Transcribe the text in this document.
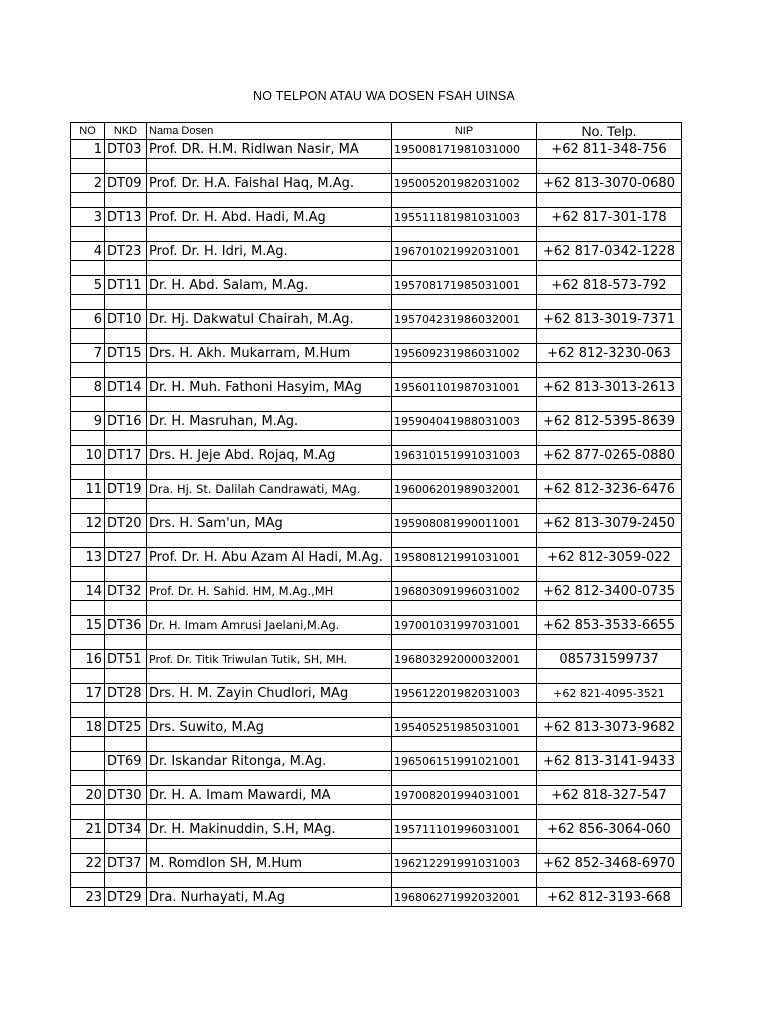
NO TELPON ATAU WA DOSEN FSAH UINSA
NO	NKD	Nama Dosen	NIP	No. Telp.
1	DT03	Prof. DR. H.M. Ridlwan Nasir, MA	195008171981031000	+62 811-348-756

2	DT09	Prof. Dr. H.A. Faishal Haq, M.Ag.	195005201982031002	+62 813-3070-0680

3	DT13	Prof. Dr. H. Abd. Hadi, M.Ag	195511181981031003	+62 817-301-178

4	DT23	Prof. Dr. H. Idri, M.Ag.	196701021992031001	+62 817-0342-1228

5	DT11	Dr. H. Abd. Salam, M.Ag.	195708171985031001	+62 818-573-792

6	DT10	Dr. Hj. Dakwatul Chairah, M.Ag.	195704231986032001	+62 813-3019-7371

7	DT15	Drs. H. Akh. Mukarram, M.Hum	195609231986031002	+62 812-3230-063

8	DT14	Dr. H. Muh. Fathoni Hasyim, MAg	195601101987031001	+62 813-3013-2613

9	DT16	Dr. H. Masruhan, M.Ag.	195904041988031003	+62 812-5395-8639

10	DT17	Drs. H. Jeje Abd. Rojaq, M.Ag	196310151991031003	+62 877-0265-0880

11	DT19	Dra. Hj. St. Dalilah Candrawati, MAg.	196006201989032001	+62 812-3236-6476

12	DT20	Drs. H. Sam'un, MAg	195908081990011001	+62 813-3079-2450

13	DT27	Prof. Dr. H. Abu Azam Al Hadi, M.Ag.	195808121991031001	+62 812-3059-022

14	DT32	Prof. Dr. H. Sahid. HM, M.Ag.,MH	196803091996031002	+62 812-3400-0735

15	DT36	Dr. H. Imam Amrusi Jaelani,M.Ag.	197001031997031001	+62 853-3533-6655

16	DT51	Prof. Dr. Titik Triwulan Tutik, SH, MH.	196803292000032001	085731599737

17	DT28	Drs. H. M. Zayin Chudlori, MAg	195612201982031003	+62 821-4095-3521

18	DT25	Drs. Suwito, M.Ag	195405251985031001	+62 813-3073-9682

	DT69	Dr. Iskandar Ritonga, M.Ag.	196506151991021001	+62 813-3141-9433

20	DT30	Dr. H. A. Imam Mawardi, MA	197008201994031001	+62 818-327-547

21	DT34	Dr. H. Makinuddin, S.H, MAg.	195711101996031001	+62 856-3064-060

22	DT37	M. Romdlon SH, M.Hum	196212291991031003	+62 852-3468-6970

23	DT29	Dra. Nurhayati, M.Ag	196806271992032001	+62 812-3193-668
